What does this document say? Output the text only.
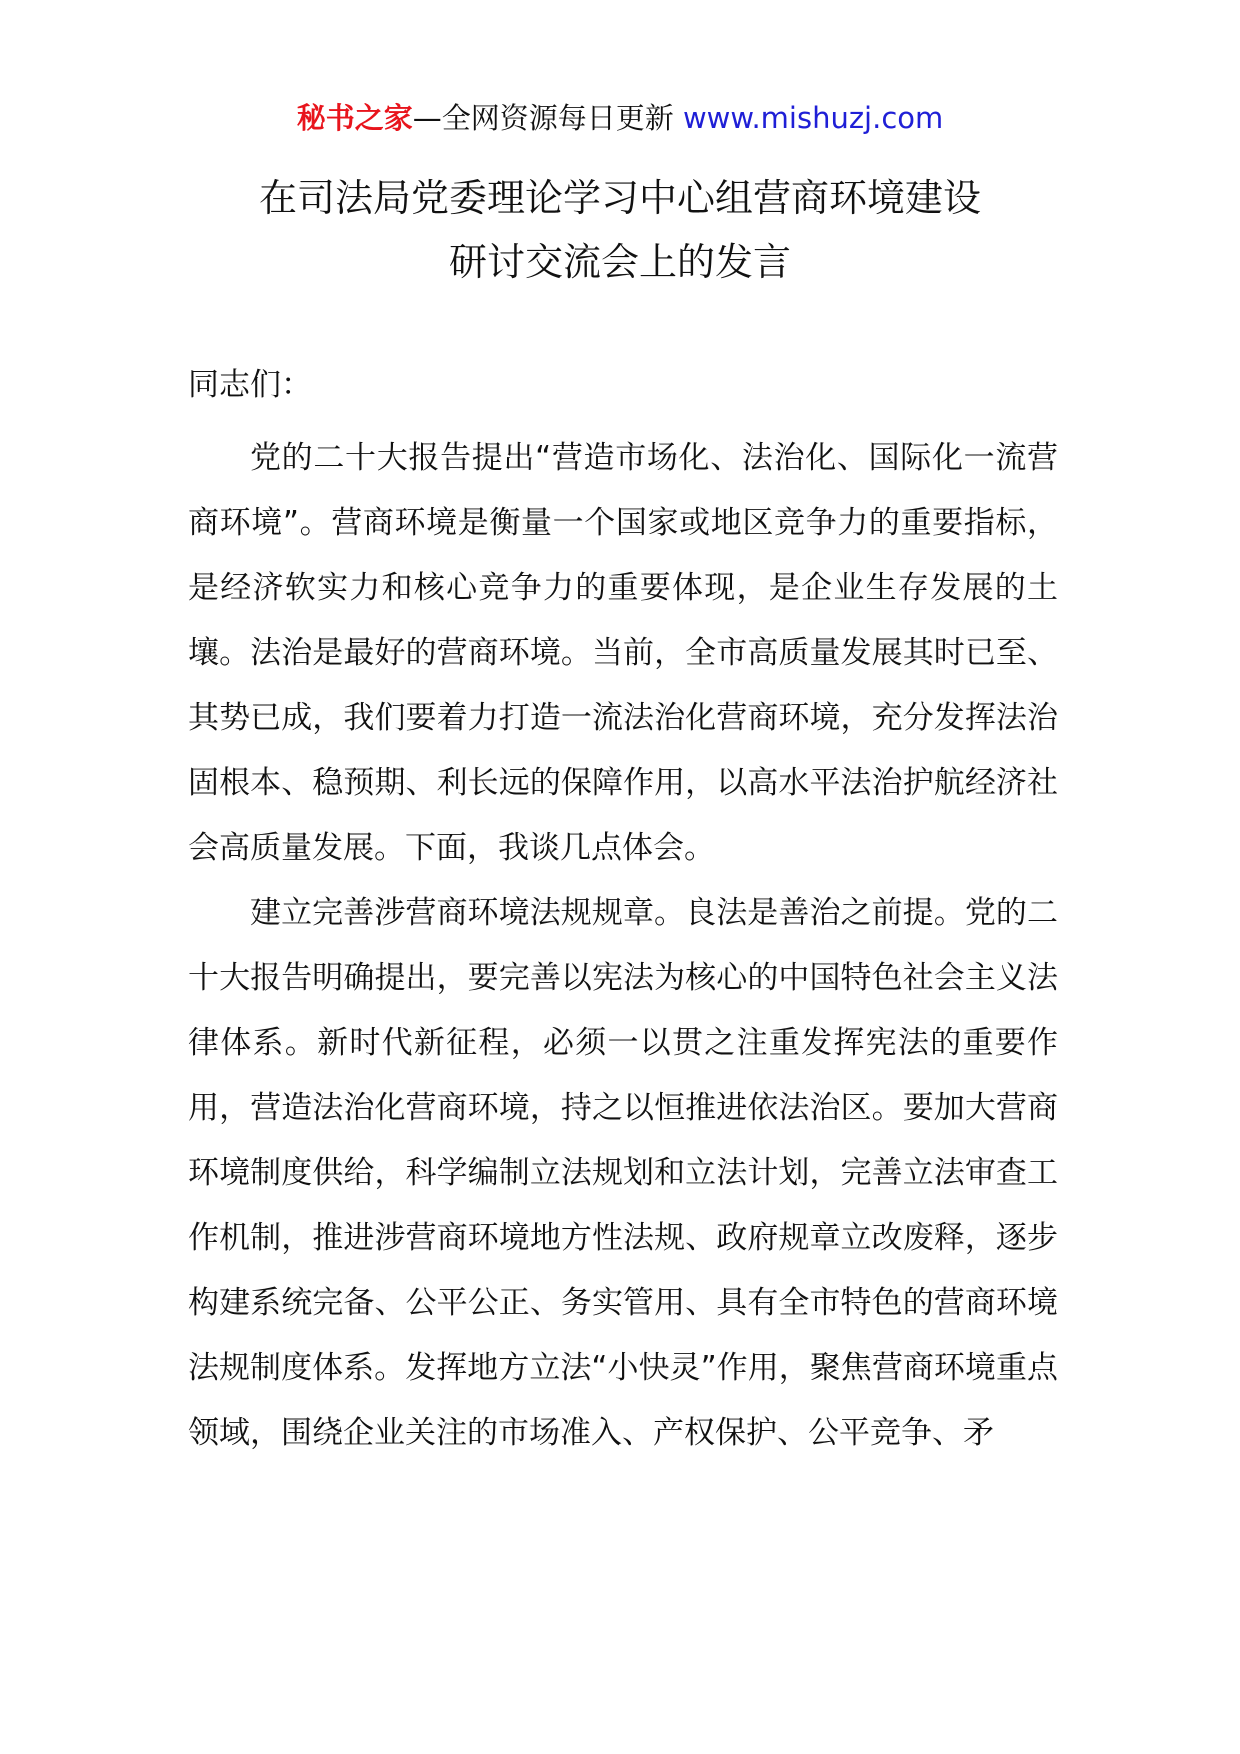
秘书之家—全网资源每日更新 www.mishuzj.com
在司法局党委理论学习中心组营商环境建设
研讨交流会上的发言
同志们：

党的二十大报告提出“营造市场化、法治化、国际化一流营商环境”。营商环境是衡量一个国家或地区竞争力的重要指标，是经济软实力和核心竞争力的重要体现，是企业生存发展的土壤。法治是最好的营商环境。当前，全市高质量发展其时已至、其势已成，我们要着力打造一流法治化营商环境，充分发挥法治固根本、稳预期、利长远的保障作用，以高水平法治护航经济社会高质量发展。下面，我谈几点体会。

建立完善涉营商环境法规规章。良法是善治之前提。党的二十大报告明确提出，要完善以宪法为核心的中国特色社会主义法律体系。新时代新征程，必须一以贯之注重发挥宪法的重要作用，营造法治化营商环境，持之以恒推进依法治区。要加大营商环境制度供给，科学编制立法规划和立法计划，完善立法审查工作机制，推进涉营商环境地方性法规、政府规章立改废释，逐步构建系统完备、公平公正、务实管用、具有全市特色的营商环境法规制度体系。发挥地方立法“小快灵”作用，聚焦营商环境重点领域，围绕企业关注的市场准入、产权保护、公平竞争、矛
